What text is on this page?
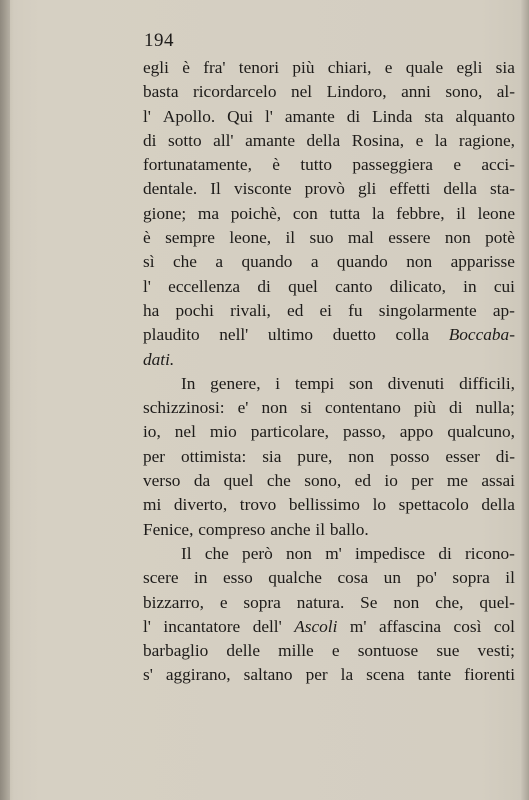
194
egli è fra' tenori più chiari, e quale egli sia
basta ricordarcelo nel Lindoro, anni sono, al-
l' Apollo. Qui l' amante di Linda sta alquanto
di sotto all' amante della Rosina, e la ragione,
fortunatamente, è tutto passeggiera e acci-
dentale. Il visconte provò gli effetti della sta-
gione; ma poichè, con tutta la febbre, il leone
è sempre leone, il suo mal essere non potè
sì che a quando a quando non apparisse
l' eccellenza di quel canto dilicato, in cui
ha pochi rivali, ed ei fu singolarmente ap-
plaudito nell' ultimo duetto colla Boccaba-
dati.
In genere, i tempi son divenuti difficili,
schizzinosi: e' non si contentano più di nulla;
io, nel mio particolare, passo, appo qualcuno,
per ottimista: sia pure, non posso esser di-
verso da quel che sono, ed io per me assai
mi diverto, trovo bellissimo lo spettacolo della
Fenice, compreso anche il ballo.
Il che però non m' impedisce di ricono-
scere in esso qualche cosa un po' sopra il
bizzarro, e sopra natura. Se non che, quel-
l' incantatore dell' Ascoli m' affascina così col
barbaglio delle mille e sontuose sue vesti;
s' aggirano, saltano per la scena tante fiorenti
